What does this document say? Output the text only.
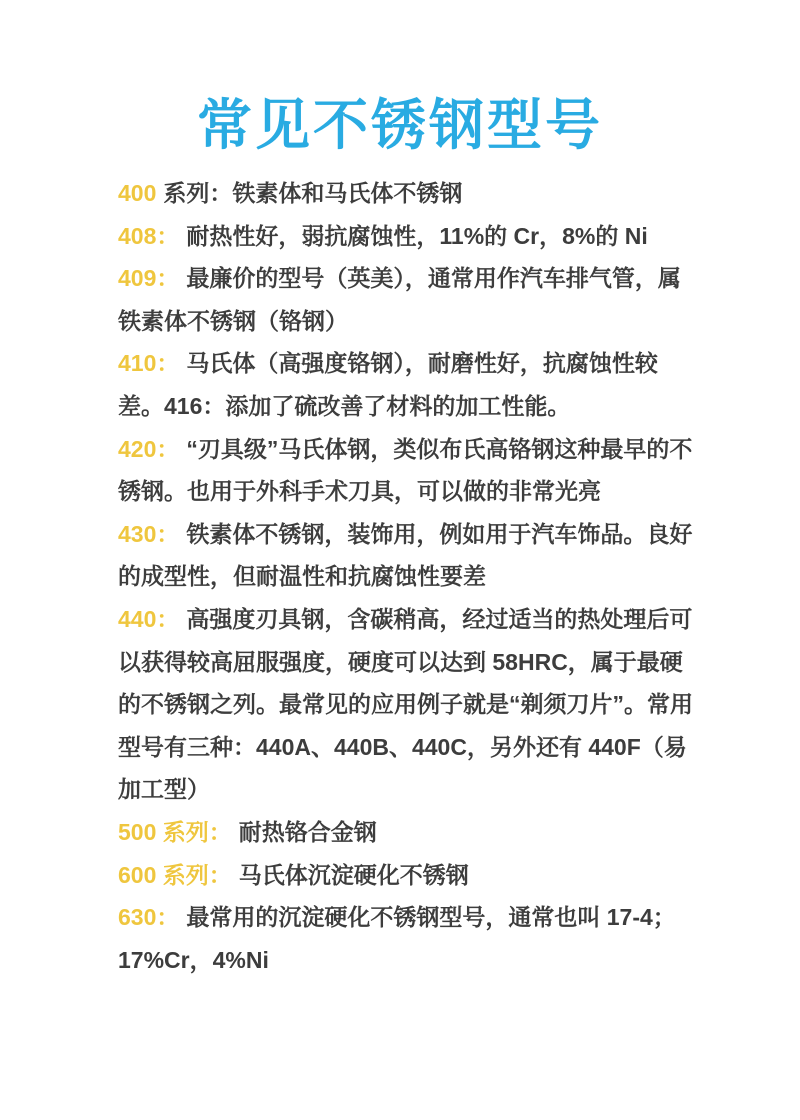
常见不锈钢型号

400 系列：铁素体和马氏体不锈钢

408： 耐热性好，弱抗腐蚀性，11%的 Cr，8%的 Ni

409： 最廉价的型号（英美），通常用作汽车排气管，属铁素体不锈钢（铬钢）

410： 马氏体（高强度铬钢），耐磨性好，抗腐蚀性较差。416：添加了硫改善了材料的加工性能。

420： “刃具级”马氏体钢，类似布氏高铬钢这种最早的不锈钢。也用于外科手术刀具，可以做的非常光亮

430： 铁素体不锈钢，装饰用，例如用于汽车饰品。良好的成型性，但耐温性和抗腐蚀性要差

440： 高强度刃具钢，含碳稍高，经过适当的热处理后可以获得较高屈服强度，硬度可以达到 58HRC，属于最硬的不锈钢之列。最常见的应用例子就是“剃须刀片”。常用型号有三种：440A、440B、440C，另外还有 440F（易加工型）

500 系列： 耐热铬合金钢

600 系列： 马氏体沉淀硬化不锈钢

630： 最常用的沉淀硬化不锈钢型号，通常也叫 17-4；17%Cr，4%Ni
